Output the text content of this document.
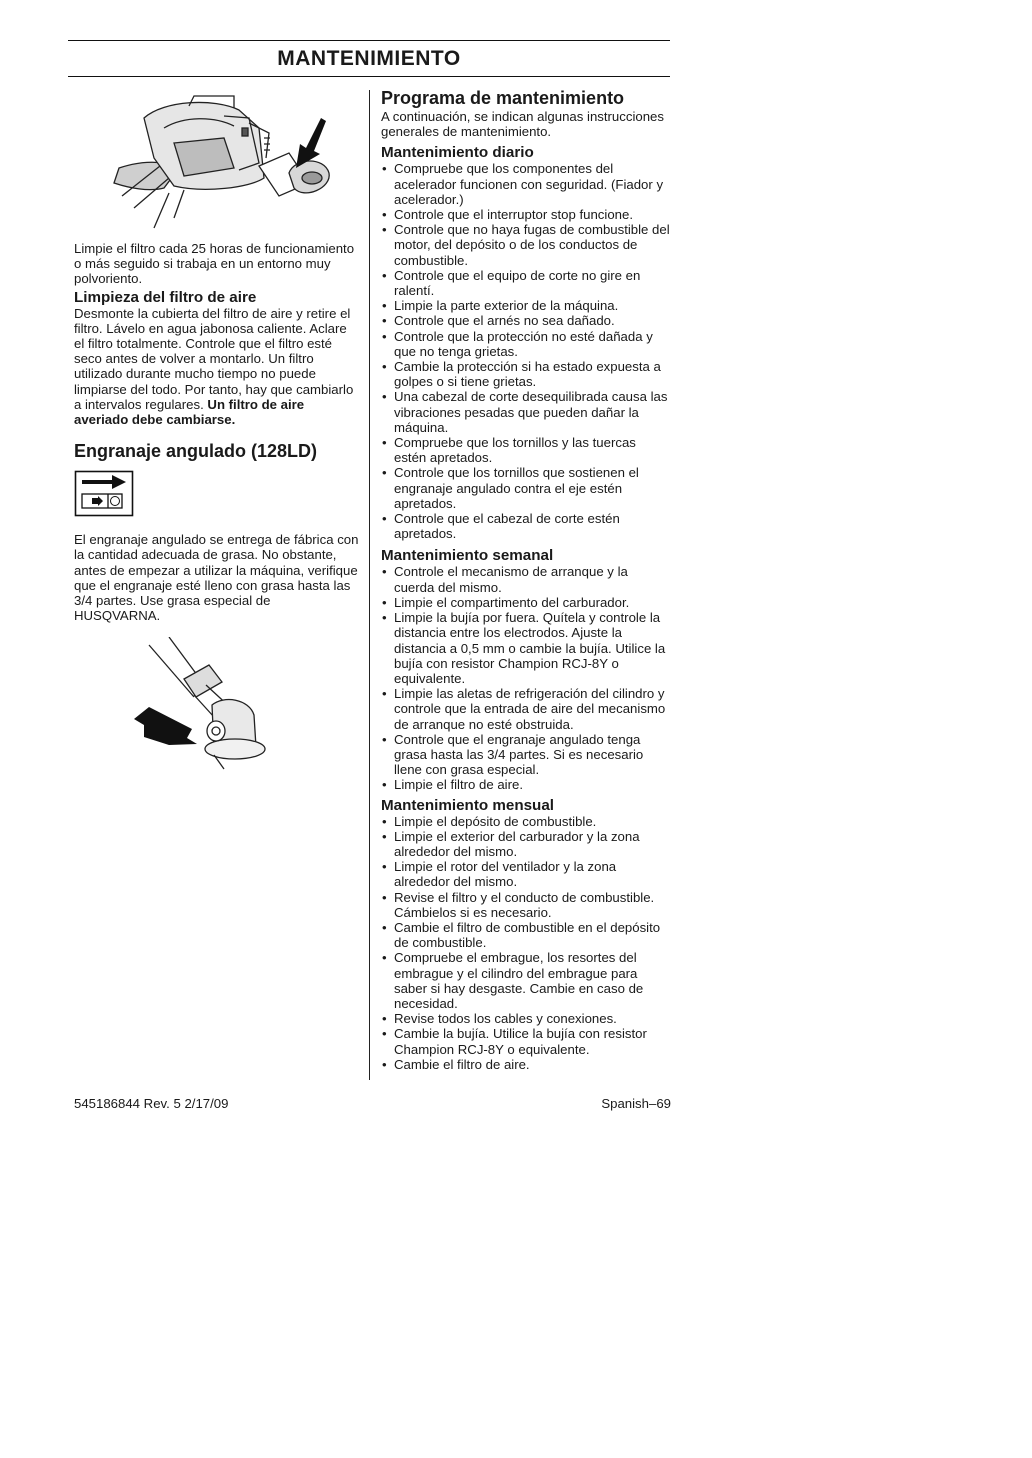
MANTENIMIENTO

Limpie el filtro cada 25 horas de funcionamiento o más seguido si trabaja en un entorno muy polvoriento.

Limpieza del filtro de aire

Desmonte la cubierta del filtro de aire y retire el filtro. Lávelo en agua jabonosa caliente. Aclare el filtro totalmente. Controle que el filtro esté seco antes de volver a montarlo. Un filtro utilizado durante mucho tiempo no puede limpiarse del todo. Por tanto, hay que cambiarlo a intervalos regulares. Un filtro de aire averiado debe cambiarse.

Engranaje angulado (128LD)

El engranaje angulado se entrega de fábrica con la cantidad adecuada de grasa. No obstante, antes de empezar a utilizar la máquina, verifique que el engranaje esté lleno con grasa hasta las 3/4 partes. Use grasa especial de HUSQVARNA.

Programa de mantenimiento

A continuación, se indican algunas instrucciones generales de mantenimiento.

Mantenimiento diario
• Compruebe que los componentes del acelerador funcionen con seguridad. (Fiador y acelerador.)
• Controle que el interruptor stop funcione.
• Controle que no haya fugas de combustible del motor, del depósito o de los conductos de combustible.
• Controle que el equipo de corte no gire en ralentí.
• Limpie la parte exterior de la máquina.
• Controle que el arnés no sea dañado.
• Controle que la protección no esté dañada y que no tenga grietas.
• Cambie la protección si ha estado expuesta a golpes o si tiene grietas.
• Una cabezal de corte desequilibrada causa las vibraciones pesadas que pueden dañar la máquina.
• Compruebe que los tornillos y las tuercas estén apretados.
• Controle que los tornillos que sostienen el engranaje angulado contra el eje estén apretados.
• Controle que el cabezal de corte estén apretados.
Mantenimiento semanal
• Controle el mecanismo de arranque y la cuerda del mismo.
• Limpie el compartimento del carburador.
• Limpie la bujía por fuera. Quítela y controle la distancia entre los electrodos. Ajuste la distancia a 0,5 mm o cambie la bujía. Utilice la bujía con resistor Champion RCJ-8Y o equivalente.
• Limpie las aletas de refrigeración del cilindro y controle que la entrada de aire del mecanismo de arranque no esté obstruida.
• Controle que el engranaje angulado tenga grasa hasta las 3/4 partes. Si es necesario llene con grasa especial.
• Limpie el filtro de aire.
Mantenimiento mensual
• Limpie el depósito de combustible.
• Limpie el exterior del carburador y la zona alrededor del mismo.
• Limpie el rotor del ventilador y la zona alrededor del mismo.
• Revise el filtro y el conducto de combustible. Cámbielos si es necesario.
• Cambie el filtro de combustible en el depósito de combustible.
• Compruebe el embrague, los resortes del embrague y el cilindro del embrague para saber si hay desgaste. Cambie en caso de necesidad.
• Revise todos los cables y conexiones.
• Cambie la bujía. Utilice la bujía con resistor Champion RCJ-8Y o equivalente.
• Cambie el filtro de aire.
545186844 Rev. 5 2/17/09	Spanish–69
